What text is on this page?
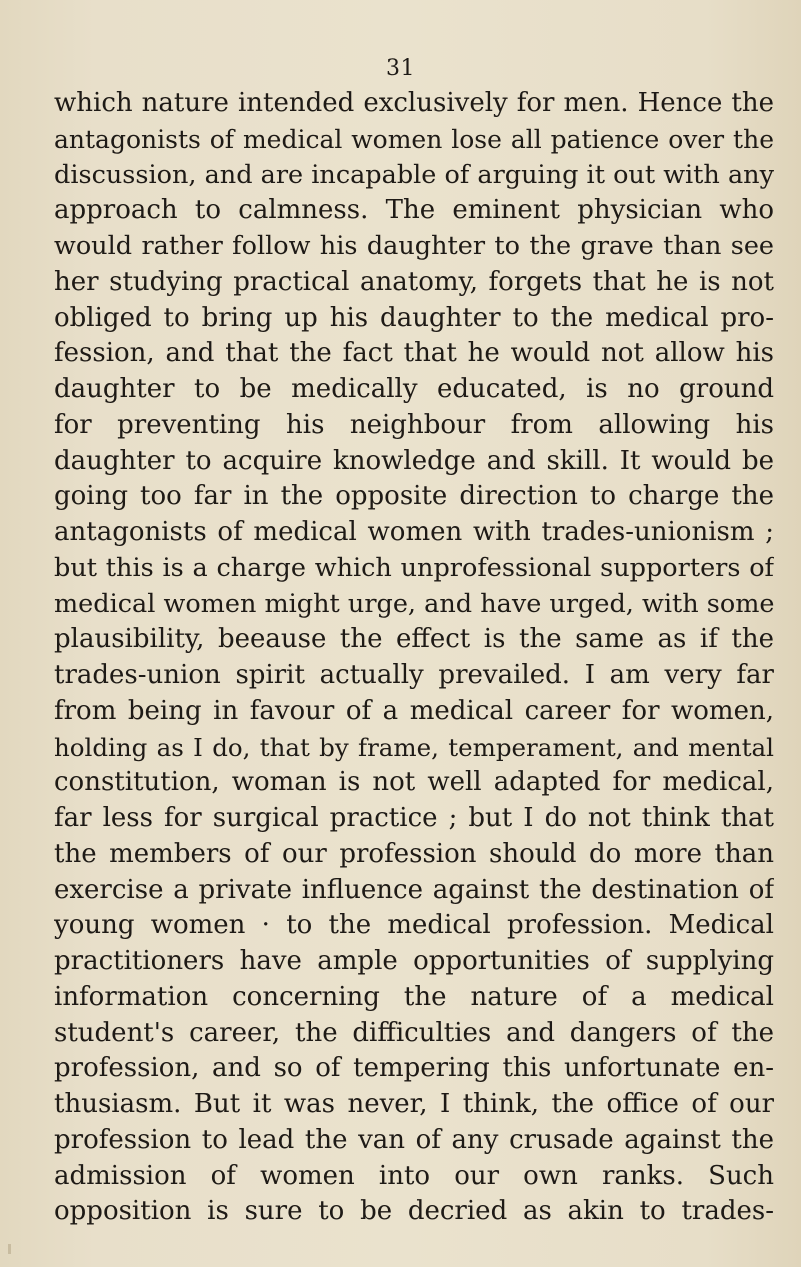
31
which nature intended exclusively for men. Hence the
antagonists of medical women lose all patience over the
discussion, and are incapable of arguing it out with any
approach to calmness. The eminent physician who
would rather follow his daughter to the grave than see
her studying practical anatomy, forgets that he is not
obliged to bring up his daughter to the medical pro-
fession, and that the fact that he would not allow his
daughter to be medically educated, is no ground
for preventing his neighbour from allowing his
daughter to acquire knowledge and skill. It would be
going too far in the opposite direction to charge the
antagonists of medical women with trades-unionism ;
but this is a charge which unprofessional supporters of
medical women might urge, and have urged, with some
plausibility, beeause the effect is the same as if the
trades-union spirit actually prevailed. I am very far
from being in favour of a medical career for women,
holding as I do, that by frame, temperament, and mental
constitution, woman is not well adapted for medical,
far less for surgical practice ; but I do not think that
the members of our profession should do more than
exercise a private influence against the destination of
young women · to the medical profession. Medical
practitioners have ample opportunities of supplying
information concerning the nature of a medical
student's career, the difficulties and dangers of the
profession, and so of tempering this unfortunate en-
thusiasm. But it was never, I think, the office of our
profession to lead the van of any crusade against the
admission of women into our own ranks. Such
opposition is sure to be decried as akin to trades-
